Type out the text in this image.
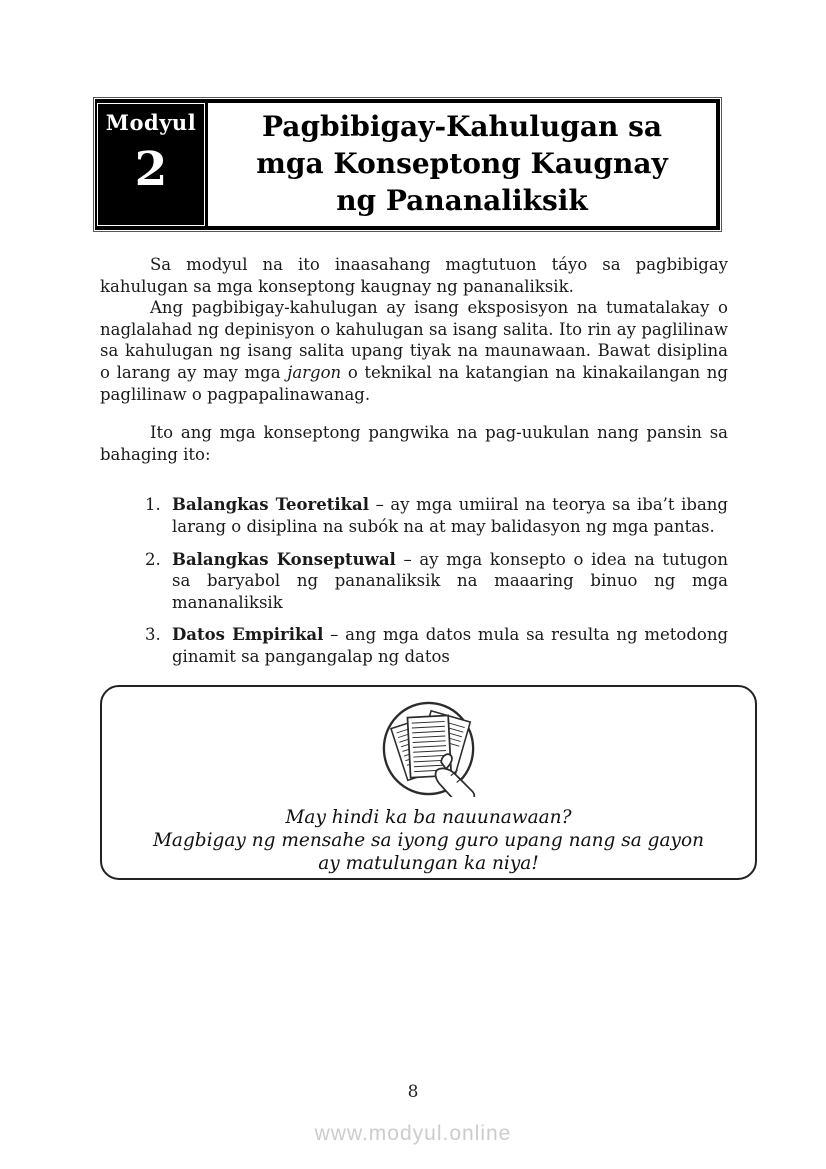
Modyul
2
Pagbibigay-Kahulugan sa
mga Konseptong Kaugnay
ng Pananaliksik

Sa modyul na ito inaasahang magtutuon táyo sa pagbibigay kahulugan sa mga konseptong kaugnay ng pananaliksik.

Ang pagbibigay-kahulugan ay isang eksposisyon na tumatalakay o naglalahad ng depinisyon o kahulugan sa isang salita. Ito rin ay paglilinaw sa kahulugan ng isang salita upang tiyak na maunawaan. Bawat disiplina o larang ay may mga jargon o teknikal na katangian na kinakailangan ng paglilinaw o pagpapalinawanag.

Ito ang mga konseptong pangwika na pag-uukulan nang pansin sa bahaging ito:

1. Balangkas Teoretikal – ay mga umiiral na teorya sa iba’t ibang larang o disiplina na subók na at may balidasyon ng mga pantas.
2. Balangkas Konseptuwal – ay mga konsepto o idea na tutugon sa baryabol ng pananaliksik na maaaring binuo ng mga mananaliksik
3. Datos Empirikal – ang mga datos mula sa resulta ng metodong ginamit sa pangangalap ng datos
May hindi ka ba nauunawaan?
Magbigay ng mensahe sa iyong guro upang nang sa gayon
ay matulungan ka niya!
8
www.modyul.online
